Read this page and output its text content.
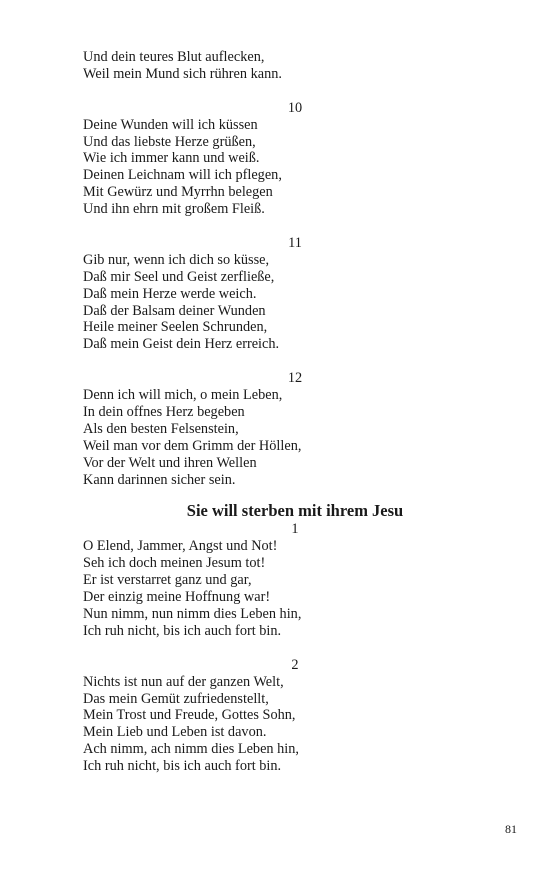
Und dein teures Blut auflecken,
Weil mein Mund sich rühren kann.
10
Deine Wunden will ich küssen
Und das liebste Herze grüßen,
Wie ich immer kann und weiß.
Deinen Leichnam will ich pflegen,
Mit Gewürz und Myrrhn belegen
Und ihn ehrn mit großem Fleiß.
11
Gib nur, wenn ich dich so küsse,
Daß mir Seel und Geist zerfließe,
Daß mein Herze werde weich.
Daß der Balsam deiner Wunden
Heile meiner Seelen Schrunden,
Daß mein Geist dein Herz erreich.
12
Denn ich will mich, o mein Leben,
In dein offnes Herz begeben
Als den besten Felsenstein,
Weil man vor dem Grimm der Höllen,
Vor der Welt und ihren Wellen
Kann darinnen sicher sein.
Sie will sterben mit ihrem Jesu
1
O Elend, Jammer, Angst und Not!
Seh ich doch meinen Jesum tot!
Er ist verstarret ganz und gar,
Der einzig meine Hoffnung war!
Nun nimm, nun nimm dies Leben hin,
Ich ruh nicht, bis ich auch fort bin.
2
Nichts ist nun auf der ganzen Welt,
Das mein Gemüt zufriedenstellt,
Mein Trost und Freude, Gottes Sohn,
Mein Lieb und Leben ist davon.
Ach nimm, ach nimm dies Leben hin,
Ich ruh nicht, bis ich auch fort bin.
81
